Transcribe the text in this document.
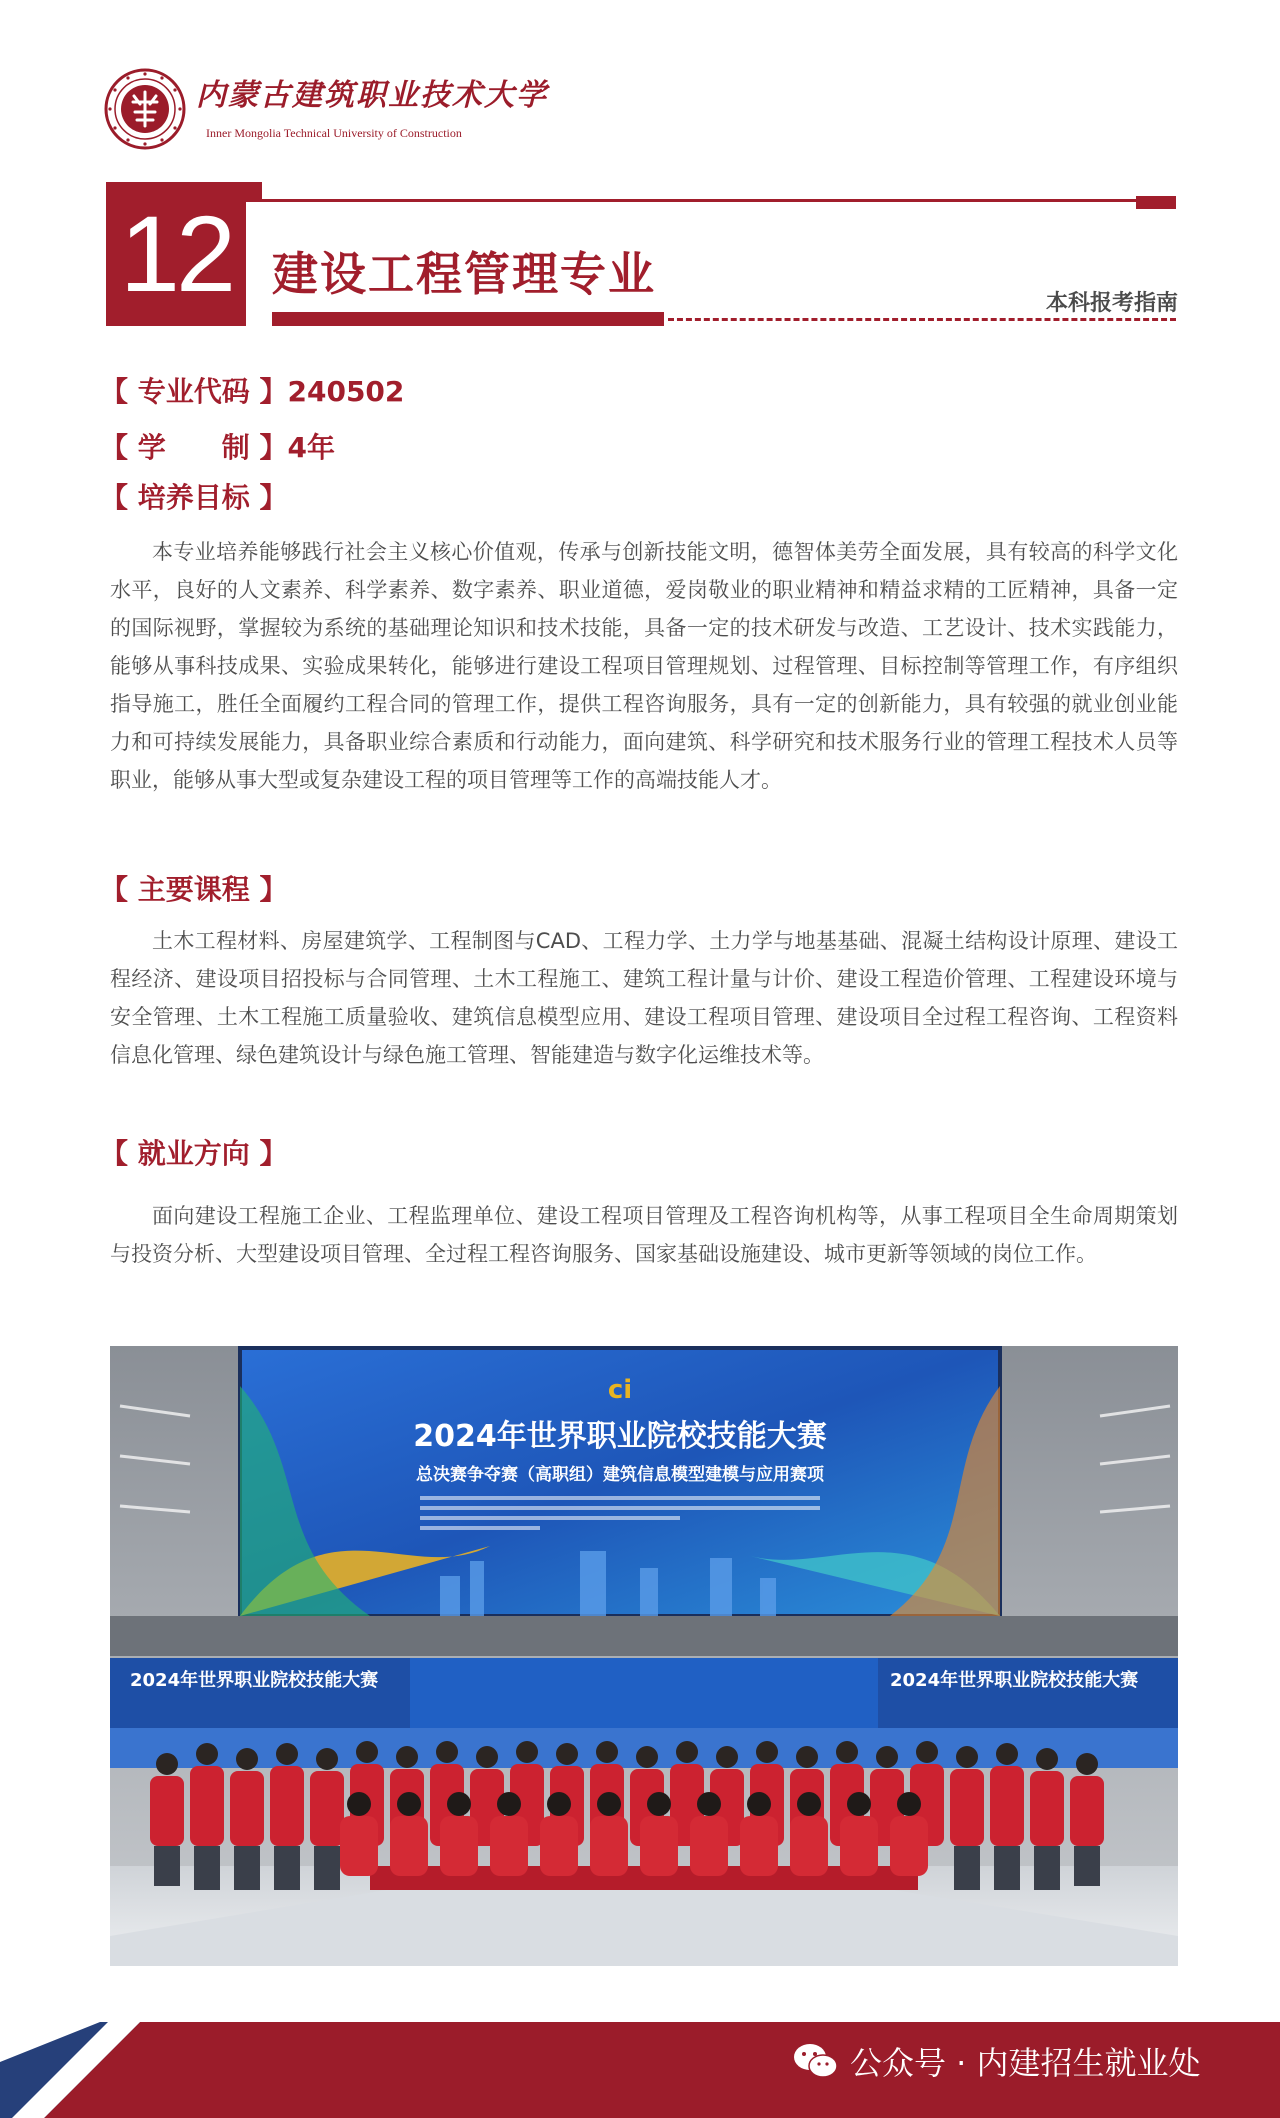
内蒙古建筑职业技术大学
Inner Mongolia Technical University of Construction
12 建设工程管理专业
本科报考指南
【 专业代码 】240502
【 学　　制 】4年
【 培养目标 】

本专业培养能够践行社会主义核心价值观，传承与创新技能文明，德智体美劳全面发展，具有较高的科学文化水平，良好的人文素养、科学素养、数字素养、职业道德，爱岗敬业的职业精神和精益求精的工匠精神，具备一定的国际视野，掌握较为系统的基础理论知识和技术技能，具备一定的技术研发与改造、工艺设计、技术实践能力，能够从事科技成果、实验成果转化，能够进行建设工程项目管理规划、过程管理、目标控制等管理工作，有序组织指导施工，胜任全面履约工程合同的管理工作，提供工程咨询服务，具有一定的创新能力，具有较强的就业创业能力和可持续发展能力，具备职业综合素质和行动能力，面向建筑、科学研究和技术服务行业的管理工程技术人员等职业，能够从事大型或复杂建设工程的项目管理等工作的高端技能人才。

【 主要课程 】

土木工程材料、房屋建筑学、工程制图与CAD、工程力学、土力学与地基基础、混凝土结构设计原理、建设工程经济、建设项目招投标与合同管理、土木工程施工、建筑工程计量与计价、建设工程造价管理、工程建设环境与安全管理、土木工程施工质量验收、建筑信息模型应用、建设工程项目管理、建设项目全过程工程咨询、工程资料信息化管理、绿色建筑设计与绿色施工管理、智能建造与数字化运维技术等。

【 就业方向 】

面向建设工程施工企业、工程监理单位、建设工程项目管理及工程咨询机构等，从事工程项目全生命周期策划与投资分析、大型建设项目管理、全过程工程咨询服务、国家基础设施建设、城市更新等领域的岗位工作。

ci
2024年世界职业院校技能大赛
总决赛争夺赛（高职组）建筑信息模型建模与应用赛项
2024年世界职业院校技能大赛	2024年世界职业院校技能大赛
公众号 · 内建招生就业处
